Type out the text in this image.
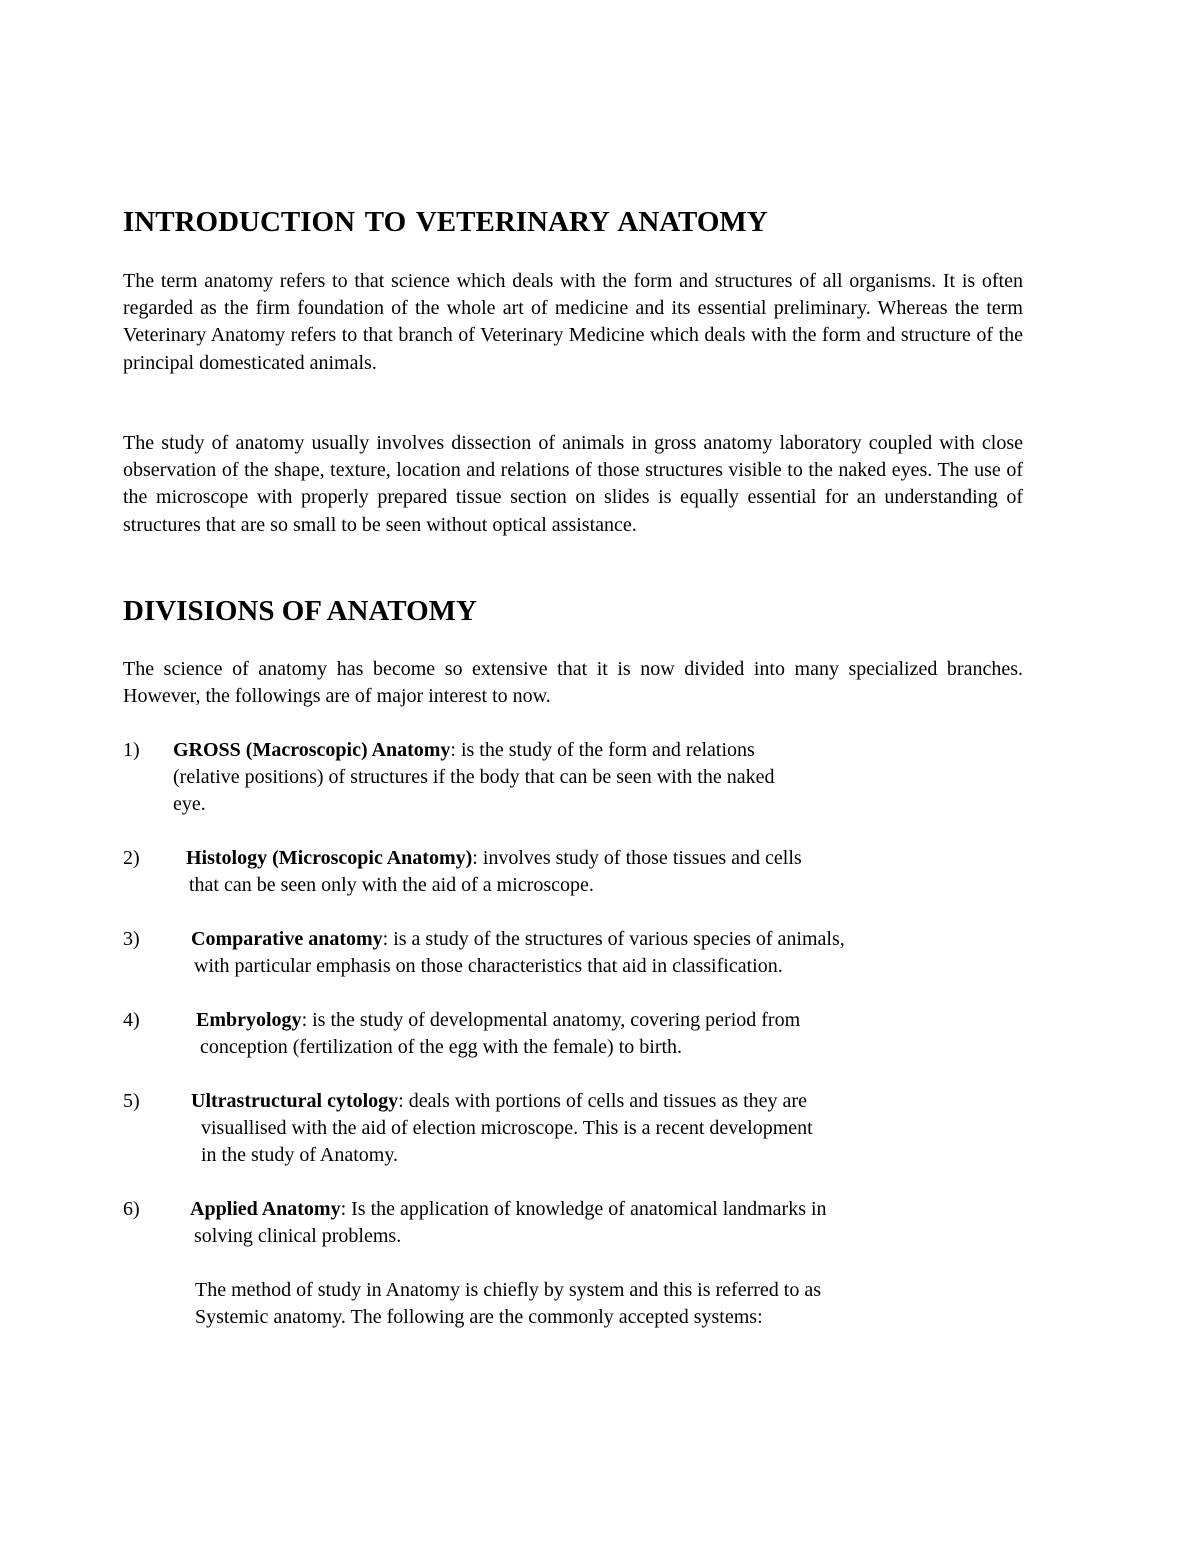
INTRODUCTION TO VETERINARY ANATOMY

The term anatomy refers to that science which deals with the form and structures of all organisms. It is often regarded as the firm foundation of the whole art of medicine and its essential preliminary. Whereas the term Veterinary Anatomy refers to that branch of Veterinary Medicine which deals with the form and structure of the principal domesticated animals.

The study of anatomy usually involves dissection of animals in gross anatomy laboratory coupled with close observation of the shape, texture, location and relations of those structures visible to the naked eyes. The use of the microscope with properly prepared tissue section on slides is equally essential for an understanding of structures that are so small to be seen without optical assistance.

DIVISIONS OF ANATOMY

The science of anatomy has become so extensive that it is now divided into many specialized branches. However, the followings are of major interest to now.

1) GROSS (Macroscopic) Anatomy: is the study of the form and relations
(relative positions) of structures if the body that can be seen with the naked
eye.
2) Histology (Microscopic Anatomy): involves study of those tissues and cells
that can be seen only with the aid of a microscope.
3)	Comparative anatomy: is a study of the structures of various species of animals,
with particular emphasis on those characteristics that aid in classification.
4)	Embryology: is the study of developmental anatomy, covering period from
conception (fertilization of the egg with the female) to birth.
5)	Ultrastructural cytology: deals with portions of cells and tissues as they are
visuallised with the aid of election microscope. This is a recent development
in the study of Anatomy.
6)	Applied Anatomy: Is the application of knowledge of anatomical landmarks in
solving clinical problems.
The method of study in Anatomy is chiefly by system and this is referred to as
Systemic anatomy. The following are the commonly accepted systems:
